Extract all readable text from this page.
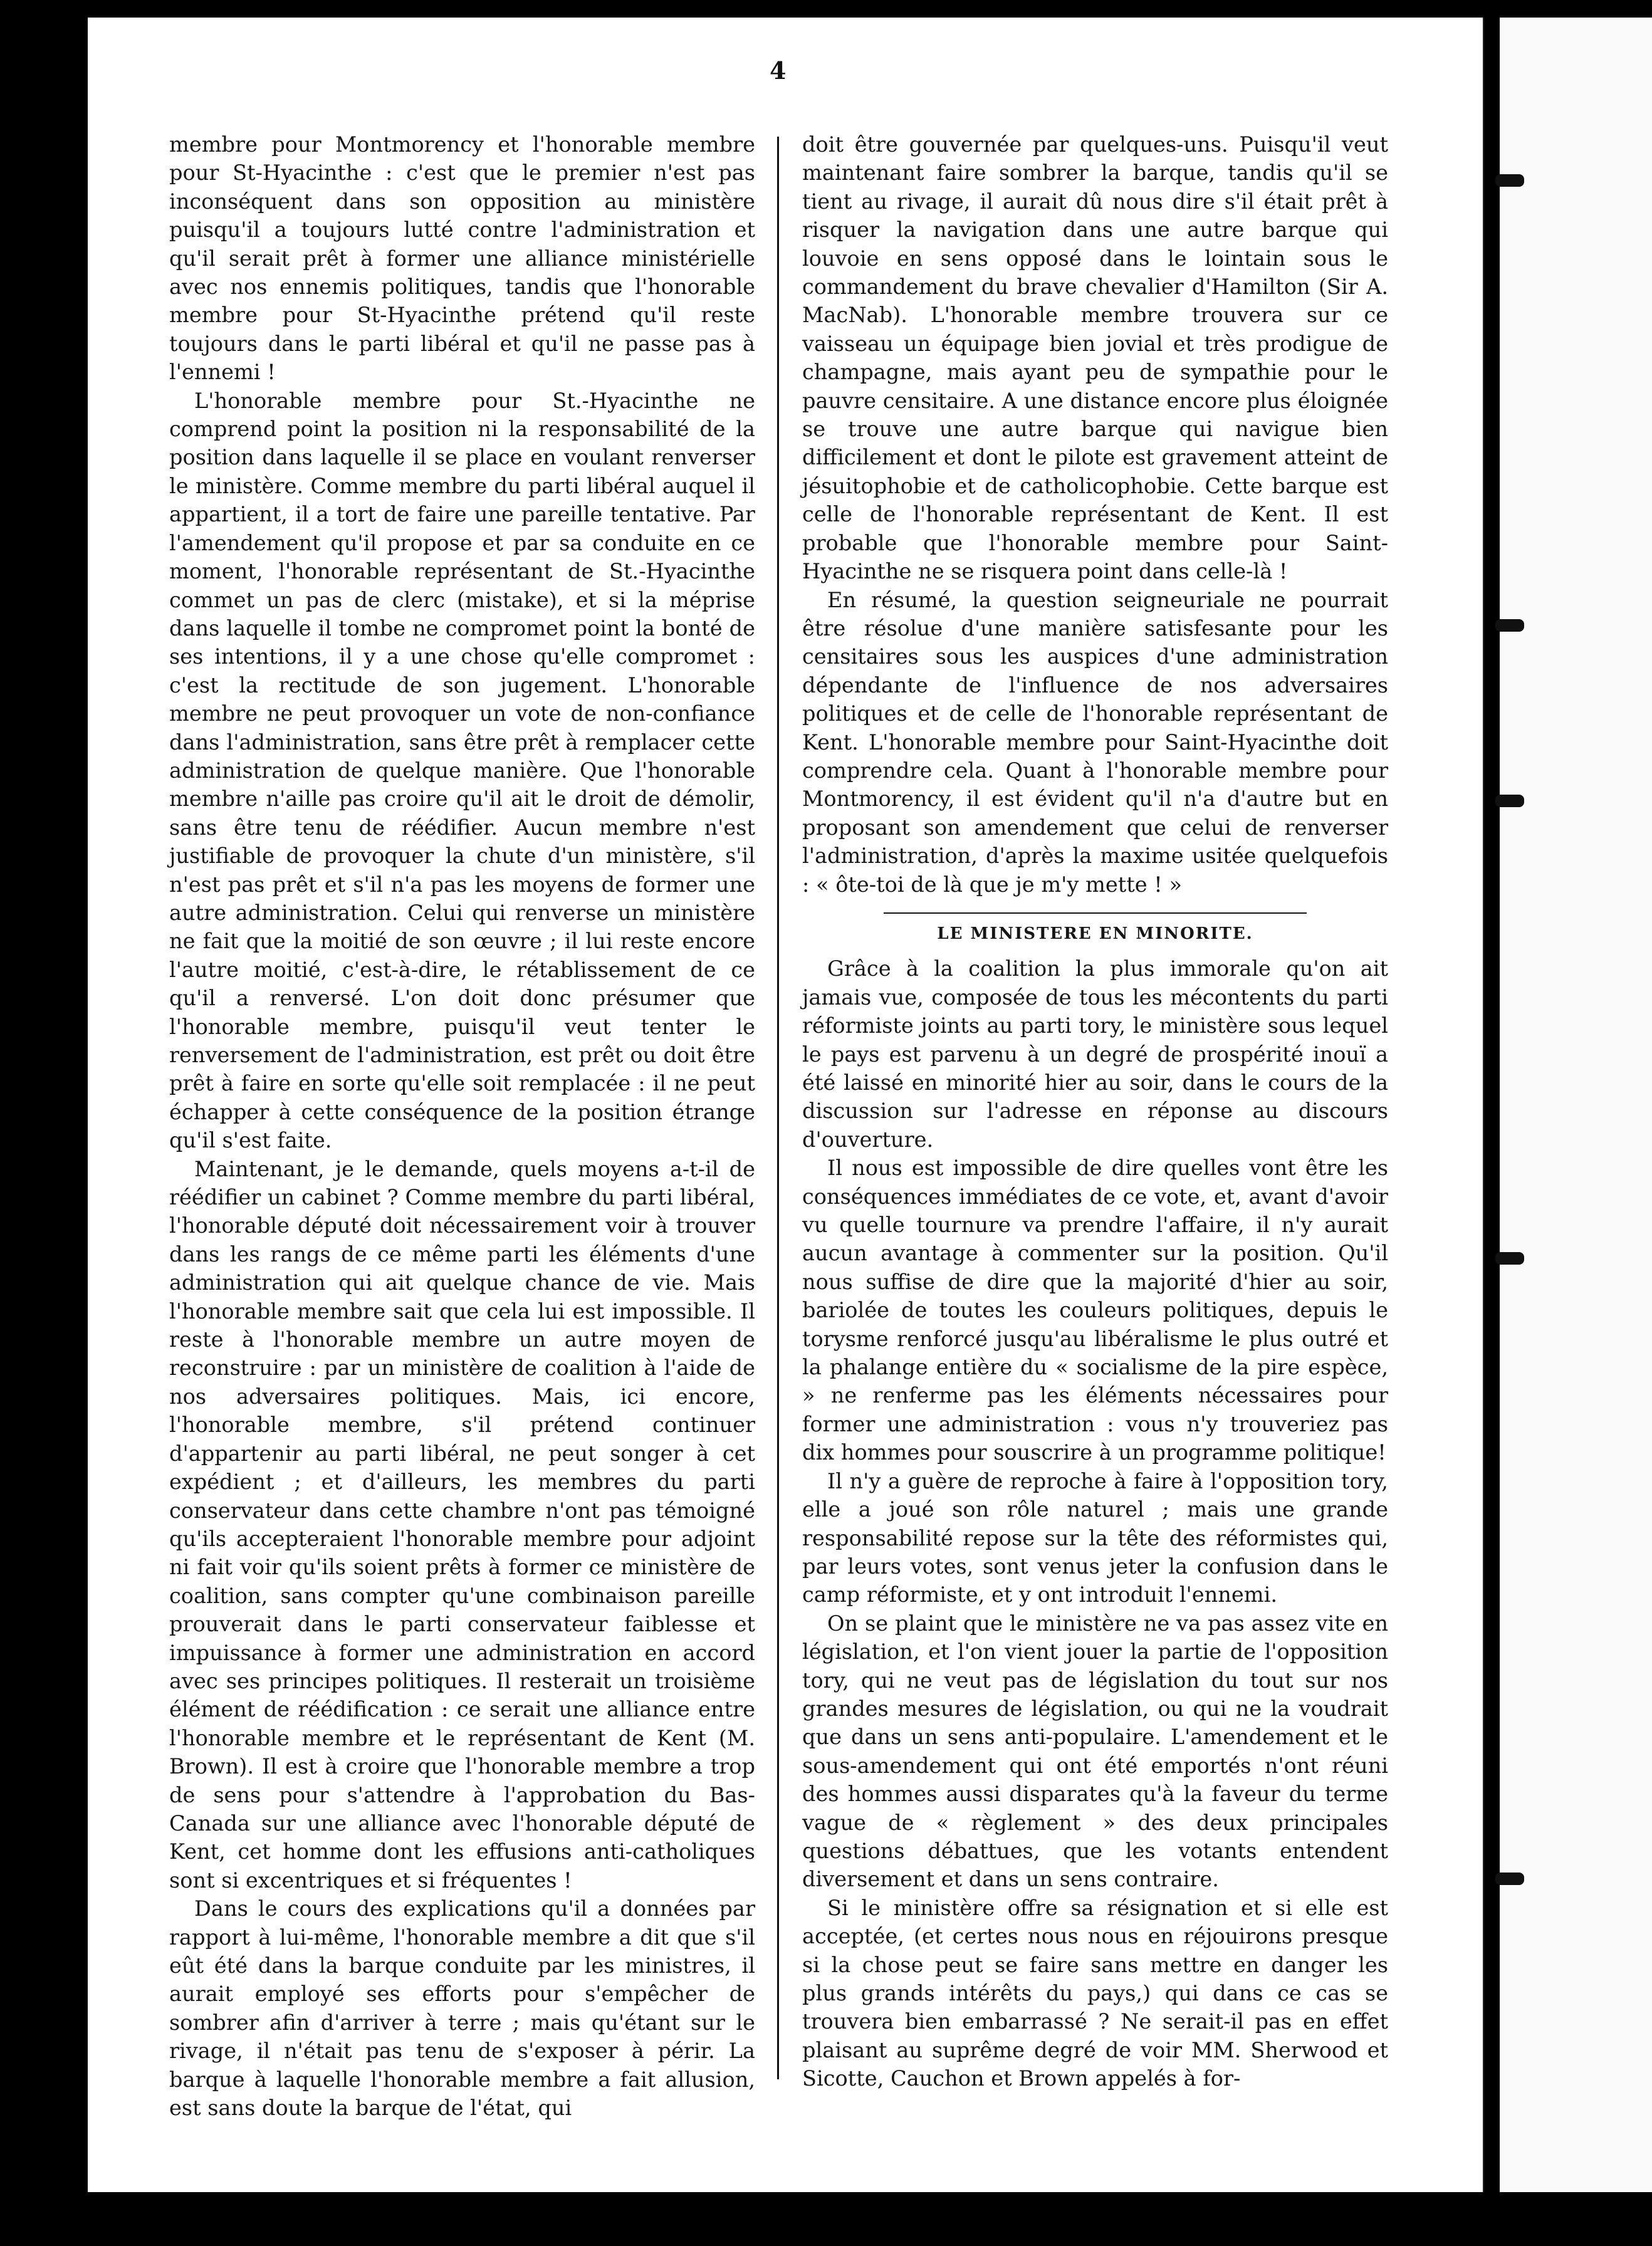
4

membre pour Montmorency et l'honorable membre pour St-Hyacinthe : c'est que le premier n'est pas inconséquent dans son opposition au ministère puisqu'il a toujours lutté contre l'administration et qu'il serait prêt à former une alliance ministérielle avec nos ennemis politiques, tandis que l'honorable membre pour St-Hyacinthe prétend qu'il reste toujours dans le parti libéral et qu'il ne passe pas à l'ennemi !

L'honorable membre pour St.-Hyacinthe ne comprend point la position ni la responsabilité de la position dans laquelle il se place en voulant renverser le ministère. Comme membre du parti libéral auquel il appartient, il a tort de faire une pareille tentative. Par l'amendement qu'il propose et par sa conduite en ce moment, l'honorable représentant de St.-Hyacinthe commet un pas de clerc (mistake), et si la méprise dans laquelle il tombe ne compromet point la bonté de ses intentions, il y a une chose qu'elle compromet : c'est la rectitude de son jugement. L'honorable membre ne peut provoquer un vote de non-confiance dans l'administration, sans être prêt à remplacer cette administration de quelque manière. Que l'honorable membre n'aille pas croire qu'il ait le droit de démolir, sans être tenu de réédifier. Aucun membre n'est justifiable de provoquer la chute d'un ministère, s'il n'est pas prêt et s'il n'a pas les moyens de former une autre administration. Celui qui renverse un ministère ne fait que la moitié de son œuvre ; il lui reste encore l'autre moitié, c'est-à-dire, le rétablissement de ce qu'il a renversé. L'on doit donc présumer que l'honorable membre, puisqu'il veut tenter le renversement de l'administration, est prêt ou doit être prêt à faire en sorte qu'elle soit remplacée : il ne peut échapper à cette conséquence de la position étrange qu'il s'est faite.

Maintenant, je le demande, quels moyens a-t-il de réédifier un cabinet ? Comme membre du parti libéral, l'honorable député doit nécessairement voir à trouver dans les rangs de ce même parti les éléments d'une administration qui ait quelque chance de vie. Mais l'honorable membre sait que cela lui est impossible. Il reste à l'honorable membre un autre moyen de reconstruire : par un ministère de coalition à l'aide de nos adversaires politiques. Mais, ici encore, l'honorable membre, s'il prétend continuer d'appartenir au parti libéral, ne peut songer à cet expédient ; et d'ailleurs, les membres du parti conservateur dans cette chambre n'ont pas témoigné qu'ils accepteraient l'honorable membre pour adjoint ni fait voir qu'ils soient prêts à former ce ministère de coalition, sans compter qu'une combinaison pareille prouverait dans le parti conservateur faiblesse et impuissance à former une administration en accord avec ses principes politiques. Il resterait un troisième élément de réédification : ce serait une alliance entre l'honorable membre et le représentant de Kent (M. Brown). Il est à croire que l'honorable membre a trop de sens pour s'attendre à l'approbation du Bas-Canada sur une alliance avec l'honorable député de Kent, cet homme dont les effusions anti-catholiques sont si excentriques et si fréquentes !

Dans le cours des explications qu'il a données par rapport à lui-même, l'honorable membre a dit que s'il eût été dans la barque conduite par les ministres, il aurait employé ses efforts pour s'empêcher de sombrer afin d'arriver à terre ; mais qu'étant sur le rivage, il n'était pas tenu de s'exposer à périr. La barque à laquelle l'honorable membre a fait allusion, est sans doute la barque de l'état, qui

doit être gouvernée par quelques-uns. Puisqu'il veut maintenant faire sombrer la barque, tandis qu'il se tient au rivage, il aurait dû nous dire s'il était prêt à risquer la navigation dans une autre barque qui louvoie en sens opposé dans le lointain sous le commandement du brave chevalier d'Hamilton (Sir A. MacNab). L'honorable membre trouvera sur ce vaisseau un équipage bien jovial et très prodigue de champagne, mais ayant peu de sympathie pour le pauvre censitaire. A une distance encore plus éloignée se trouve une autre barque qui navigue bien difficilement et dont le pilote est gravement atteint de jésuitophobie et de catholicophobie. Cette barque est celle de l'honorable représentant de Kent. Il est probable que l'honorable membre pour Saint-Hyacinthe ne se risquera point dans celle-là !

En résumé, la question seigneuriale ne pourrait être résolue d'une manière satisfesante pour les censitaires sous les auspices d'une administration dépendante de l'influence de nos adversaires politiques et de celle de l'honorable représentant de Kent. L'honorable membre pour Saint-Hyacinthe doit comprendre cela. Quant à l'honorable membre pour Montmorency, il est évident qu'il n'a d'autre but en proposant son amendement que celui de renverser l'administration, d'après la maxime usitée quelquefois : « ôte-toi de là que je m'y mette ! »

LE MINISTERE EN MINORITE.

Grâce à la coalition la plus immorale qu'on ait jamais vue, composée de tous les mécontents du parti réformiste joints au parti tory, le ministère sous lequel le pays est parvenu à un degré de prospérité inouï a été laissé en minorité hier au soir, dans le cours de la discussion sur l'adresse en réponse au discours d'ouverture.

Il nous est impossible de dire quelles vont être les conséquences immédiates de ce vote, et, avant d'avoir vu quelle tournure va prendre l'affaire, il n'y aurait aucun avantage à commenter sur la position. Qu'il nous suffise de dire que la majorité d'hier au soir, bariolée de toutes les couleurs politiques, depuis le torysme renforcé jusqu'au libéralisme le plus outré et la phalange entière du « socialisme de la pire espèce, » ne renferme pas les éléments nécessaires pour former une administration : vous n'y trouveriez pas dix hommes pour souscrire à un programme politique!

Il n'y a guère de reproche à faire à l'opposition tory, elle a joué son rôle naturel ; mais une grande responsabilité repose sur la tête des réformistes qui, par leurs votes, sont venus jeter la confusion dans le camp réformiste, et y ont introduit l'ennemi.

On se plaint que le ministère ne va pas assez vite en législation, et l'on vient jouer la partie de l'opposition tory, qui ne veut pas de législation du tout sur nos grandes mesures de législation, ou qui ne la voudrait que dans un sens anti-populaire. L'amendement et le sous-amendement qui ont été emportés n'ont réuni des hommes aussi disparates qu'à la faveur du terme vague de « règlement » des deux principales questions débattues, que les votants entendent diversement et dans un sens contraire.

Si le ministère offre sa résignation et si elle est acceptée, (et certes nous nous en réjouirons presque si la chose peut se faire sans mettre en danger les plus grands intérêts du pays,) qui dans ce cas se trouvera bien embarrassé ? Ne serait-il pas en effet plaisant au suprême degré de voir MM. Sherwood et Sicotte, Cauchon et Brown appelés à for-
